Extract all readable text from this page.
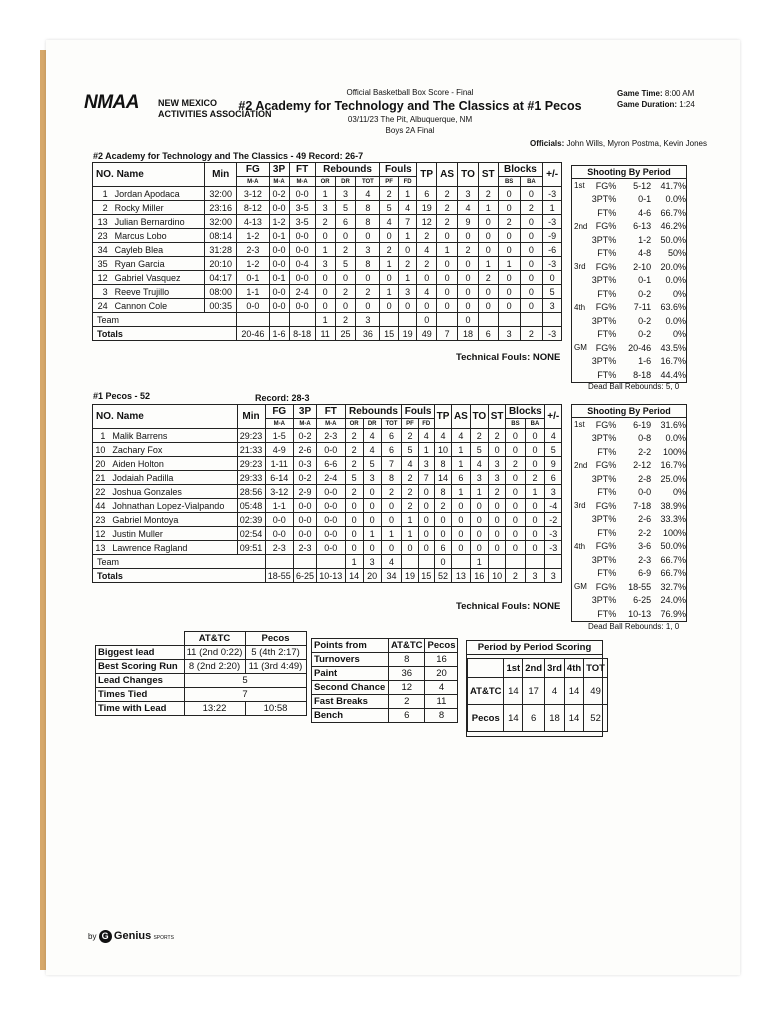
NMAA NEW MEXICO
ACTIVITIES ASSOCIATION
Official Basketball Box Score - Final
#2 Academy for Technology and The Classics at #1 Pecos
03/11/23 The Pit, Albuquerque, NM
Boys 2A Final
Game Time: 8:00 AM
Game Duration: 1:24
Officials: John Wills, Myron Postma, Kevin Jones
#2 Academy for Technology and The Classics - 49 Record: 26-7
NO. Name		Min	FG	3P	FT	Rebounds			Fouls		TP	AS	TO	ST	Blocks		+/-
			M-A	M-A	M-A	OR	DR	TOT	PF	FD					BS	BA	
1	Jordan Apodaca	32:00	3-12	0-2	0-0	1	3	4	2	1	6	2	3	2	0	0	-3
2	Rocky Miller	23:16	8-12	0-0	3-5	3	5	8	5	4	19	2	4	1	0	2	1
13	Julian Bernardino	32:00	4-13	1-2	3-5	2	6	8	4	7	12	2	9	0	2	0	-3
23	Marcus Lobo	08:14	1-2	0-1	0-0	0	0	0	0	1	2	0	0	0	0	0	-9
34	Cayleb Blea	31:28	2-3	0-0	0-0	1	2	3	2	0	4	1	2	0	0	0	-6
35	Ryan Garcia	20:10	1-2	0-0	0-4	3	5	8	1	2	2	0	0	1	1	0	-3
12	Gabriel Vasquez	04:17	0-1	0-1	0-0	0	0	0	0	1	0	0	0	2	0	0	0
3	Reeve Trujillo	08:00	1-1	0-0	2-4	0	2	2	1	3	4	0	0	0	0	0	5
24	Cannon Cole	00:35	0-0	0-0	0-0	0	0	0	0	0	0	0	0	0	0	0	3
Team						1	2	3			0		0				
Totals			20-46	1-6	8-18	11	25	36	15	19	49	7	18	6	3	2	-3
Technical Fouls: NONE
Shooting By Period
1st	FG%	5-12	41.7%
3PT%	0-1	0.0%
FT%	4-6	66.7%
2nd FG%	6-13	46.2%
3PT%	1-2	50.0%
FT%	4-8	50%
3rd	FG%	2-10	20.0%
3PT%	0-1	0.0%
FT%	0-2	0%
4th	FG%	7-11	63.6%
3PT%	0-2	0.0%
FT%	0-2	0%
GM FG%	20-46	43.5%
3PT%	1-6	16.7%
FT%	8-18	44.4%
Dead Ball Rebounds: 5, 0
#1 Pecos - 52	Record: 28-3
NO. Name		Min	FG	3P	FT	Rebounds			Fouls		TP	AS	TO	ST	Blocks		+/-
			M-A	M-A	M-A	OR	DR	TOT	PF	FD					BS	BA	
1	Malik Barrens	29:23	1-5	0-2	2-3	2	4	6	2	4	4	4	2	2	0	0	4
10	Zachary Fox	21:33	4-9	2-6	0-0	2	4	6	5	1	10	1	5	0	0	0	5
20	Aiden Holton	29:23	1-11	0-3	6-6	2	5	7	4	3	8	1	4	3	2	0	9
21	Jodaiah Padilla	29:33	6-14	0-2	2-4	5	3	8	2	7	14	6	3	3	0	2	6
22	Joshua Gonzales	28:56	3-12	2-9	0-0	2	0	2	2	0	8	1	1	2	0	1	3
44	Johnathan Lopez-Vialpando	05:48	1-1	0-0	0-0	0	0	0	2	0	2	0	0	0	0	0	-4
23	Gabriel Montoya	02:39	0-0	0-0	0-0	0	0	0	1	0	0	0	0	0	0	0	-2
12	Justin Muller	02:54	0-0	0-0	0-0	0	1	1	1	0	0	0	0	0	0	0	-3
13	Lawrence Ragland	09:51	2-3	2-3	0-0	0	0	0	0	0	6	0	0	0	0	0	-3
Team						1	3	4			0		1				
Totals			18-55	6-25	10-13	14	20	34	19	15	52	13	16	10	2	3	3
Technical Fouls: NONE
Shooting By Period
1st	FG%	6-19	31.6%
3PT%	0-8	0.0%
FT%	2-2	100%
2nd FG%	2-12	16.7%
3PT%	2-8	25.0%
FT%	0-0	0%
3rd	FG%	7-18	38.9%
3PT%	2-6	33.3%
FT%	2-2	100%
4th	FG%	3-6	50.0%
3PT%	2-3	66.7%
FT%	6-9	66.7%
GM FG%	18-55	32.7%
3PT%	6-25	24.0%
FT%	10-13	76.9%
Dead Ball Rebounds: 1, 0
	AT&TC	Pecos
Biggest lead	11 (2nd 0:22)	5 (4th 2:17)
Best Scoring Run	8 (2nd 2:20)	11 (3rd 4:49)
Lead Changes	5	
Times Tied	7	
Time with Lead	13:22	10:58
Points from	AT&TC	Pecos
Turnovers	8	16
Paint	36	20
Second Chance	12	4
Fast Breaks	2	11
Bench	6	8
Period by Period Scoring
	1st	2nd	3rd	4th	TOT
AT&TC	14	17	4	14	49
Pecos	14	6	18	14	52
by G Genius SPORTS
